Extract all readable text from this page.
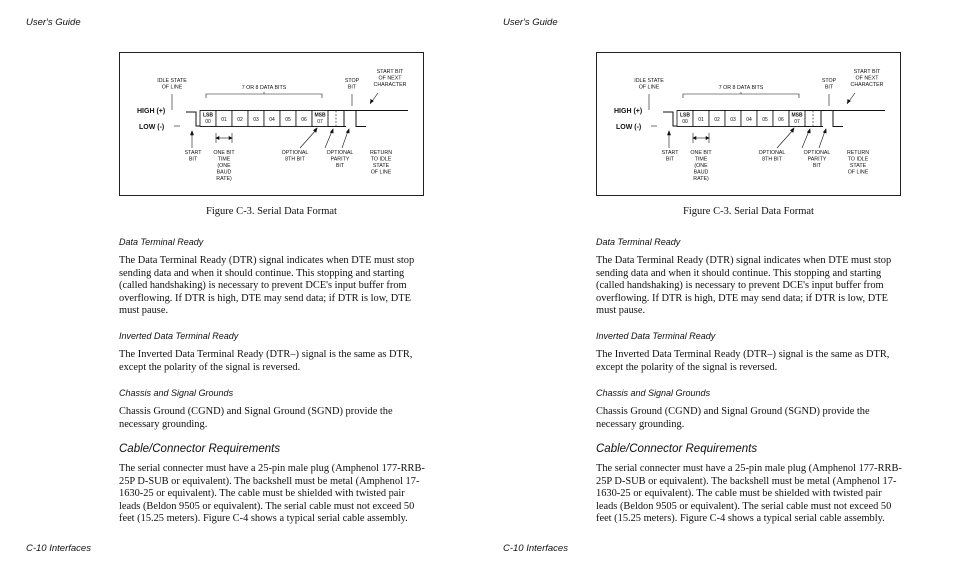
User's Guide
IDLE STATE OF LINE	7 OR 8 DATA BITS
STOP BIT
START BIT OF NEXT CHARACTER
HIGH (+)
LOW (-)
LSB
00 01 02 03 04 05 06
MSB
07
START BIT
ONE BIT TIME (ONE BAUD RATE)
OPTIONAL 8TH BIT
OPTIONAL PARITY BIT
RETURN TO IDLE STATE OF LINE
Figure C-3. Serial Data Format
Data Terminal Ready
The Data Terminal Ready (DTR) signal indicates when DTE must stop
sending data and when it should continue. This stopping and starting
(called handshaking) is necessary to prevent DCE's input buffer from
overflowing. If DTR is high, DTE may send data; if DTR is low, DTE
must pause.
Inverted Data Terminal Ready
The Inverted Data Terminal Ready (DTR–) signal is the same as DTR,
except the polarity of the signal is reversed.
Chassis and Signal Grounds
Chassis Ground (CGND) and Signal Ground (SGND) provide the
necessary grounding.
Cable/Connector Requirements
The serial connecter must have a 25-pin male plug (Amphenol 177-RRB-
25P D-SUB or equivalent). The backshell must be metal (Amphenol 17-
1630-25 or equivalent). The cable must be shielded with twisted pair
leads (Beldon 9505 or equivalent). The serial cable must not exceed 50
feet (15.25 meters). Figure C-4 shows a typical serial cable assembly.
C-10 Interfaces
User's Guide
IDLE STATE OF LINE	7 OR 8 DATA BITS
STOP BIT
START BIT OF NEXT CHARACTER
HIGH (+)
LOW (-)
LSB
00 01 02 03 04 05 06
MSB
07
START BIT
ONE BIT TIME (ONE BAUD RATE)
OPTIONAL 8TH BIT
OPTIONAL PARITY BIT
RETURN TO IDLE STATE OF LINE
Figure C-3. Serial Data Format
Data Terminal Ready
The Data Terminal Ready (DTR) signal indicates when DTE must stop
sending data and when it should continue. This stopping and starting
(called handshaking) is necessary to prevent DCE's input buffer from
overflowing. If DTR is high, DTE may send data; if DTR is low, DTE
must pause.
Inverted Data Terminal Ready
The Inverted Data Terminal Ready (DTR–) signal is the same as DTR,
except the polarity of the signal is reversed.
Chassis and Signal Grounds
Chassis Ground (CGND) and Signal Ground (SGND) provide the
necessary grounding.
Cable/Connector Requirements
The serial connecter must have a 25-pin male plug (Amphenol 177-RRB-
25P D-SUB or equivalent). The backshell must be metal (Amphenol 17-
1630-25 or equivalent). The cable must be shielded with twisted pair
leads (Beldon 9505 or equivalent). The serial cable must not exceed 50
feet (15.25 meters). Figure C-4 shows a typical serial cable assembly.
C-10 Interfaces
